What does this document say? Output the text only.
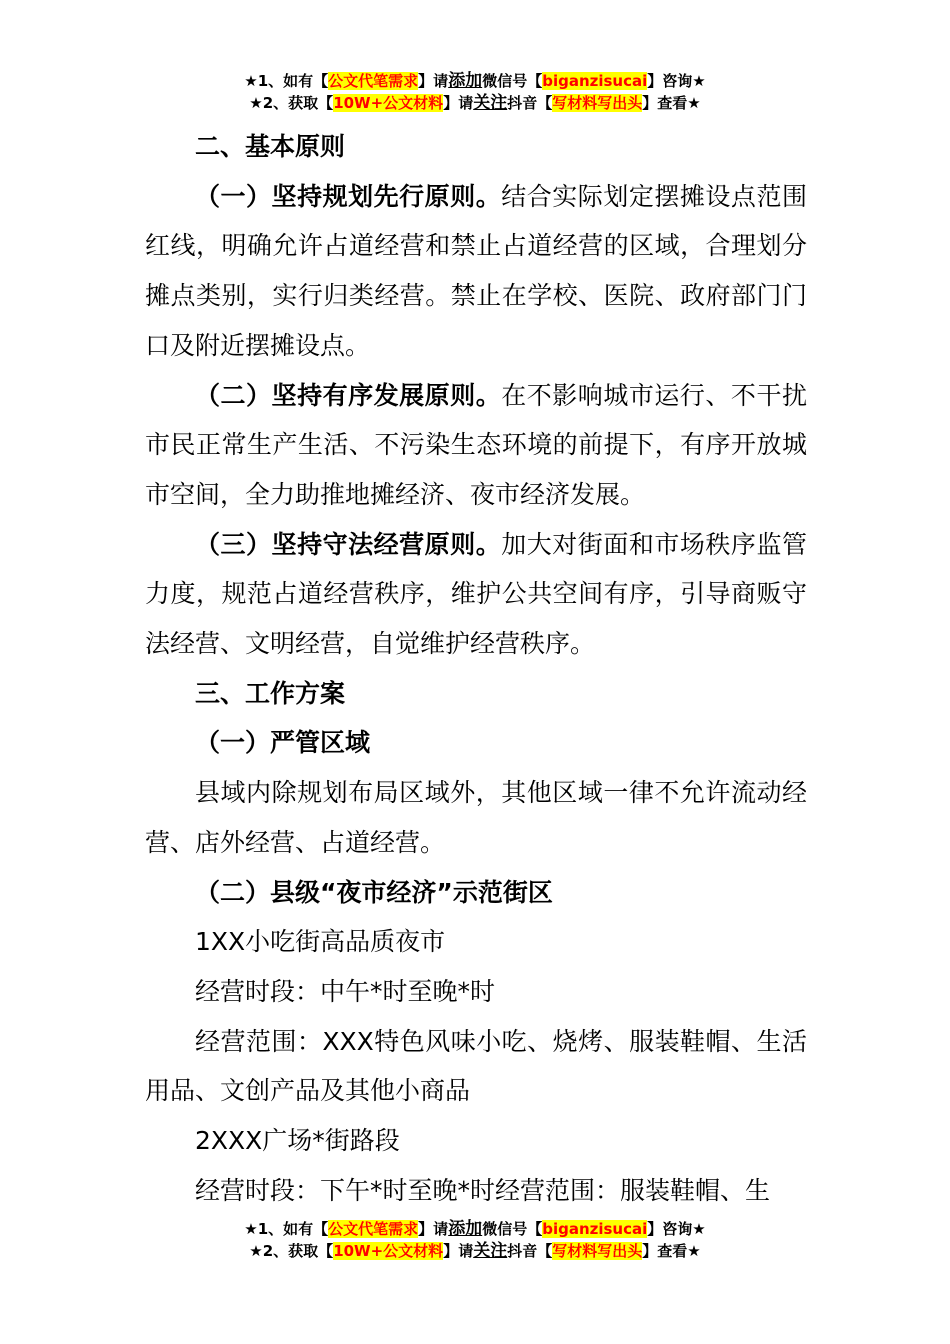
★1、如有【公文代笔需求】请添加微信号【biganzisucai】咨询★
★2、获取【10W+公文材料】请关注抖音【写材料写出头】查看★

二、基本原则

（一）坚持规划先行原则。结合实际划定摆摊设点范围红线，明确允许占道经营和禁止占道经营的区域，合理划分摊点类别，实行归类经营。禁止在学校、医院、政府部门门口及附近摆摊设点。

（二）坚持有序发展原则。在不影响城市运行、不干扰市民正常生产生活、不污染生态环境的前提下，有序开放城市空间，全力助推地摊经济、夜市经济发展。

（三）坚持守法经营原则。加大对街面和市场秩序监管力度，规范占道经营秩序，维护公共空间有序，引导商贩守法经营、文明经营，自觉维护经营秩序。

三、工作方案

（一）严管区域

县域内除规划布局区域外，其他区域一律不允许流动经营、店外经营、占道经营。

（二）县级“夜市经济”示范街区

1XX小吃街高品质夜市

经营时段：中午*时至晚*时

经营范围：XXX特色风味小吃、烧烤、服装鞋帽、生活用品、文创产品及其他小商品

2XXX广场*街路段

经营时段：下午*时至晚*时经营范围：服装鞋帽、生

★1、如有【公文代笔需求】请添加微信号【biganzisucai】咨询★
★2、获取【10W+公文材料】请关注抖音【写材料写出头】查看★
